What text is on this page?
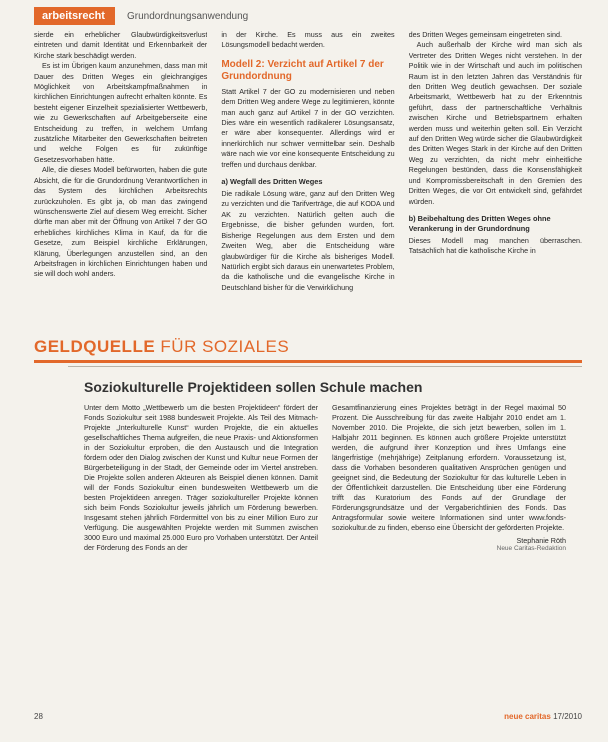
arbeitsrecht	Grundordnungsanwendung

sierde ein erheblicher Glaubwürdigkeitsverlust eintreten und damit Identität und Erkennbarkeit der Kirche stark beschädigt werden.

Es ist im Übrigen kaum anzunehmen, dass man mit Dauer des Dritten Weges ein gleichrangiges Möglichkeit von Arbeitskampfmaßnahmen in kirchlichen Einrichtungen aufrecht erhalten könnte. Es besteht eigener Einzelheit spezialisierter Wettbewerb, wie zu Gewerkschaften auf Arbeitgeberseite eine Entscheidung zu treffen, in welchem Umfang zusätzliche Mitarbeiter den Gewerkschaften beitreten und welche Folgen es für zukünftige Gesetzesvorhaben hätte.

Alle, die dieses Modell befürworten, haben die gute Absicht, die für die Grundordnung Verantwortlichen in das System des kirchlichen Arbeitsrechts zurückzuholen. Es gibt ja, ob man das zwingend wünschenswerte Ziel auf diesem Weg erreicht. Sicher dürfte man aber mit der Öffnung von Artikel 7 der GO erhebliches kirchliches Klima in Kauf, da für die Gesetze, zum Beispiel kirchliche Erklärungen, Klärung, Überlegungen anzustellen sind, an den Arbeitsfragen in kirchlichen Einrichtungen haben und sie will doch wohl anders.

in der Kirche. Es muss aus ein zweites Lösungsmodell bedacht werden.

Modell 2: Verzicht auf Artikel 7 der Grundordnung

Statt Artikel 7 der GO zu modernisieren und neben dem Dritten Weg andere Wege zu legitimieren, könnte man auch ganz auf Artikel 7 in der GO verzichten. Dies wäre ein wesentlich radikalerer Lösungsansatz, er wäre aber konsequenter. Allerdings wird er innerkirchlich nur schwer vermittelbar sein. Deshalb wäre nach wie vor eine konsequente Entscheidung zu treffen und durchaus denkbar.

a) Wegfall des Dritten Weges

Die radikale Lösung wäre, ganz auf den Dritten Weg zu verzichten und die Tarifverträge, die auf KODA und AK zu verzichten. Natürlich gelten auch die Ergebnisse, die bisher gefunden wurden, fort. Bisherige Regelungen aus dem Ersten und dem Zweiten Weg, aber die Entscheidung wäre glaubwürdiger für die Kirche als bisheriges Modell. Natürlich ergibt sich daraus ein unerwartetes Problem, da die katholische und die evangelische Kirche in Deutschland bisher für die Verwirklichung

des Dritten Weges gemeinsam eingetreten sind.

Auch außerhalb der Kirche wird man sich als Vertreter des Dritten Weges nicht verstehen. In der Politik wie in der Wirtschaft und auch im politischen Raum ist in den letzten Jahren das Verständnis für den Dritten Weg deutlich gewachsen. Der soziale Arbeitsmarkt, Wettbewerb hat zu der Erkenntnis geführt, dass der partnerschaftliche Verhältnis zwischen Kirche und Betriebspartnern erhalten werden muss und weiterhin gelten soll. Ein Verzicht auf den Dritten Weg würde sicher die Glaubwürdigkeit des Dritten Weges Stark in der Kirche auf den Dritten Weg zu verzichten, da nicht mehr einheitliche Regelungen bestünden, dass die Konsensfähigkeit und Kompromissbereitschaft in den Gremien des Dritten Weges, die vor Ort entwickelt sind, gefährdet würden.

b) Beibehaltung des Dritten Weges ohne Verankerung in der Grundordnung

Dieses Modell mag manchen überraschen. Tatsächlich hat die katholische Kirche in

GELDQUELLE FÜR SOZIALES
Soziokulturelle Projektideen sollen Schule machen

Unter dem Motto „Wettbewerb um die besten Projektideen“ fördert der Fonds Soziokultur seit 1988 bundesweit Projekte. Als Teil des Mitmach-Projekte „Interkulturelle Kunst“ wurden Projekte, die ein aktuelles gesellschaftliches Thema aufgreifen, die neue Praxis- und Aktionsformen in der Soziokultur erproben, die den Austausch und die Integration fördern oder den Dialog zwischen der Kunst und Kultur neue Formen der Bürgerbeteiligung in der Stadt, der Gemeinde oder im Viertel anstreben. Die Projekte sollen anderen Akteuren als Beispiel dienen können. Damit will der Fonds Soziokultur einen bundesweiten Wettbewerb um die besten Projektideen anregen. Träger soziokultureller Projekte können sich beim Fonds Soziokultur jeweils jährlich um Förderung bewerben. Insgesamt stehen jährlich Fördermittel von bis zu einer Million Euro zur Verfügung. Die ausgewählten Projekte werden mit Summen zwischen 3000 Euro und maximal 25.000 Euro pro Vorhaben unterstützt. Der Anteil der Förderung des Fonds an der

Gesamtfinanzierung eines Projektes beträgt in der Regel maximal 50 Prozent. Die Ausschreibung für das zweite Halbjahr 2010 endet am 1. November 2010. Die Projekte, die sich jetzt bewerben, sollen im 1. Halbjahr 2011 beginnen. Es können auch größere Projekte unterstützt werden, die aufgrund ihrer Konzeption und ihres Umfangs eine längerfristige (mehrjährige) Zeitplanung erfordern. Voraussetzung ist, dass die Vorhaben besonderen qualitativen Ansprüchen genügen und geeignet sind, die Bedeutung der Soziokultur für das kulturelle Leben in der Öffentlichkeit darzustellen. Die Entscheidung über eine Förderung trifft das Kuratorium des Fonds auf der Grundlage der Förderungsgrundsätze und der Vergaberichtlinien des Fonds. Das Antragsformular sowie weitere Informationen sind unter www.fonds-soziokultur.de zu finden, ebenso eine Übersicht der geförderten Projekte.

Stephanie Röth
Neue Caritas-Redaktion
28	neue caritas 17/2010
